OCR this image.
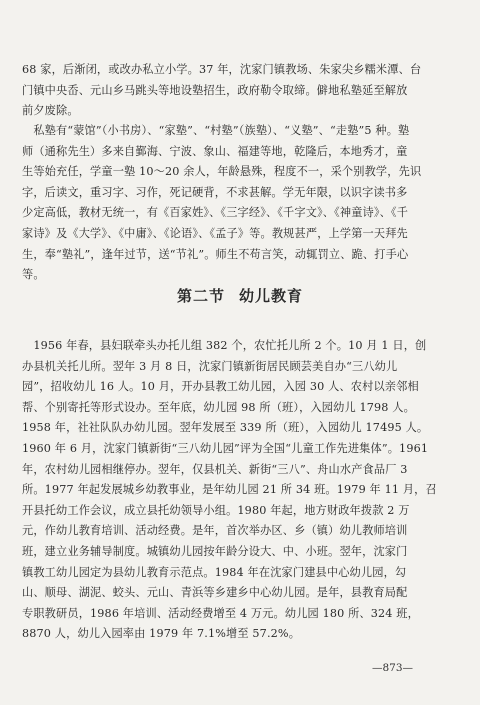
68 家，后渐闭，或改办私立小学。37 年，沈家门镇教场、朱家尖乡糯米潭、台
门镇中央岙、元山乡马跳头等地设塾招生，政府勒令取缔。僻地私塾延至解放
前夕废除。

　私塾有“蒙馆”（小书房）、“家塾”、“村塾”（族塾）、“义塾”、“走塾”5 种。塾
师（通称先生）多来自鄞海、宁波、象山、福建等地，乾隆后，本地秀才，童
生等始充任，学童一塾 10～20 余人，年龄悬殊，程度不一，采个别教学，先识
字，后读文，重习字、习作，死记硬背，不求甚解。学无年限，以识字读书多
少定高低，教材无统一，有《百家姓》、《三字经》、《千字文》、《神童诗》、《千
家诗》及《大学》、《中庸》、《论语》、《孟子》等。教规甚严，上学第一天拜先
生，奉“塾礼”，逢年过节，送“节礼”。师生不苟言笑，动辄罚立、跪、打手心
等。

第二节 幼儿教育

　1956 年春，县妇联牵头办托儿组 382 个，农忙托儿所 2 个。10 月 1 日，创
办县机关托儿所。翌年 3 月 8 日，沈家门镇新街居民顾芸美自办“三八幼儿
园”，招收幼儿 16 人。10 月，开办县教工幼儿园，入园 30 人、农村以亲邻相
帮、个别寄托等形式设办。至年底，幼儿园 98 所（班），入园幼儿 1798 人。
1958 年，社社队队办幼儿园。翌年发展至 339 所（班），入园幼儿 17495 人。
1960 年 6 月，沈家门镇新街“三八幼儿园”评为全国“儿童工作先进集体”。1961
年，农村幼儿园相继停办。翌年，仅县机关、新街“三八”、舟山水产食品厂 3
所。1977 年起发展城乡幼教事业，是年幼儿园 21 所 34 班。1979 年 11 月，召
开县托幼工作会议，成立县托幼领导小组。1980 年起，地方财政年拨款 2 万
元，作幼儿教育培训、活动经费。是年，首次举办区、乡（镇）幼儿教师培训
班，建立业务辅导制度。城镇幼儿园按年龄分设大、中、小班。翌年，沈家门
镇教工幼儿园定为县幼儿教育示范点。1984 年在沈家门建县中心幼儿园，勾
山、顺母、湖泥、蛟头、元山、青浜等乡建乡中心幼儿园。是年，县教育局配
专职教研员，1986 年培训、活动经费增至 4 万元。幼儿园 180 所、324 班，
8870 人，幼儿入园率由 1979 年 7.1%增至 57.2%。

—873—
